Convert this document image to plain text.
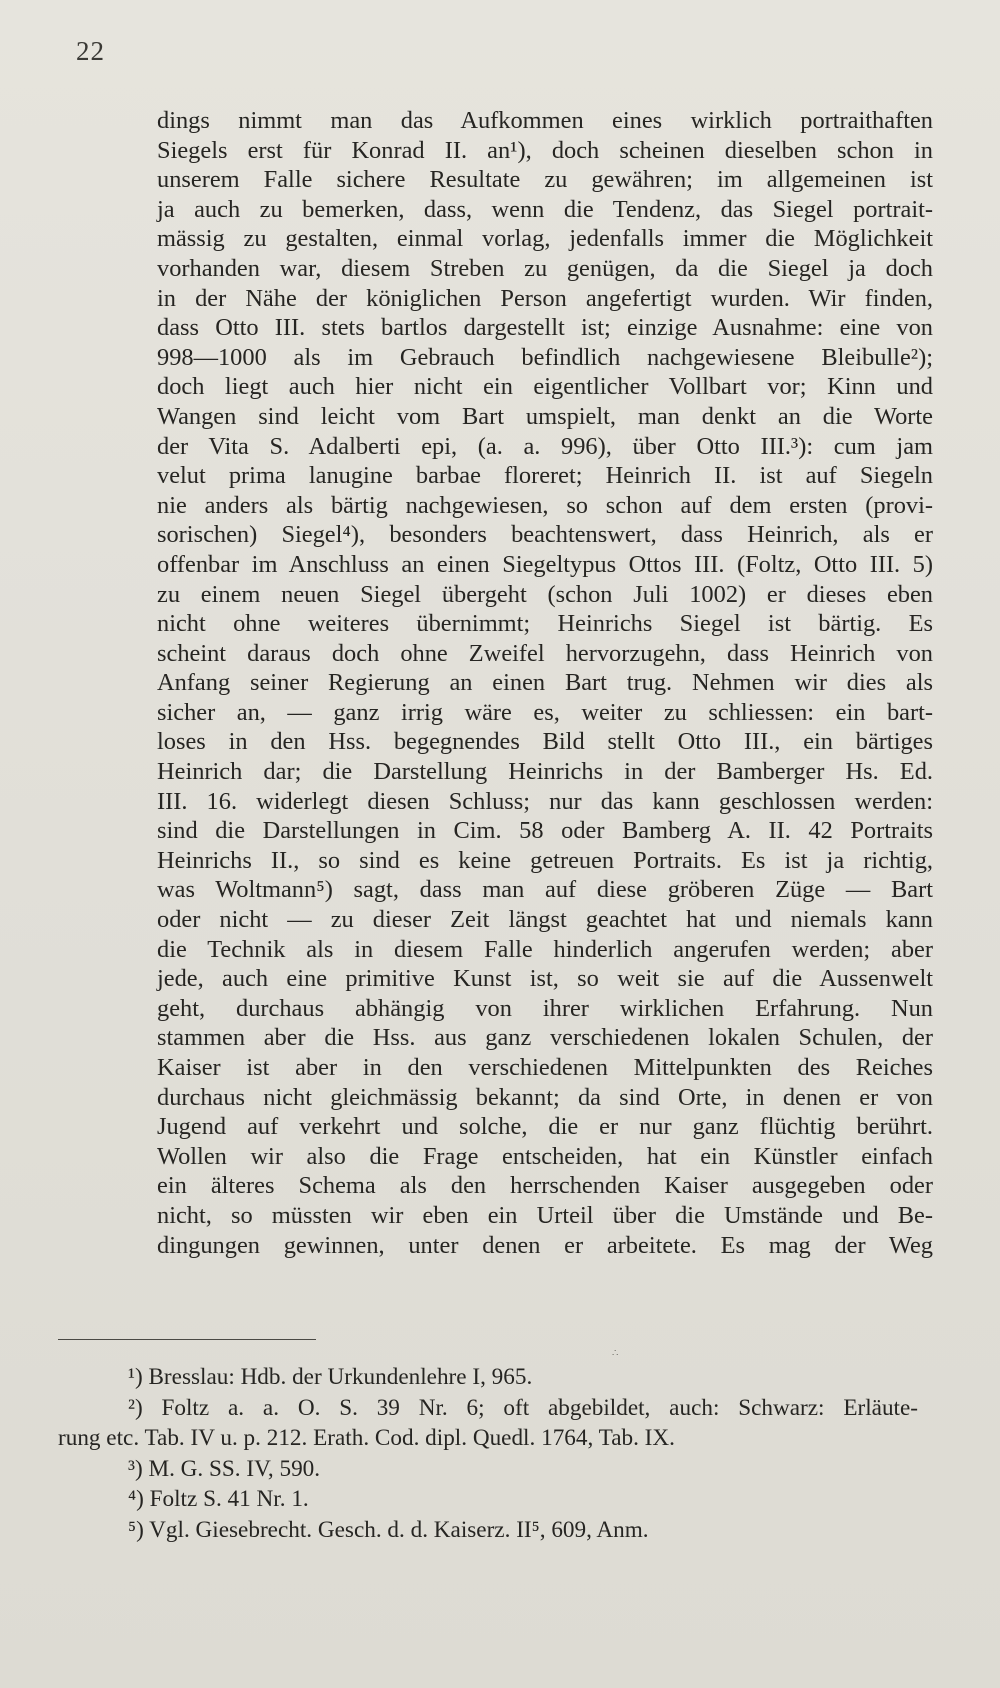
22
dings nimmt man das Aufkommen eines wirklich portraithaften
Siegels erst für Konrad II. an¹), doch scheinen dieselben schon in
unserem Falle sichere Resultate zu gewähren; im allgemeinen ist
ja auch zu bemerken, dass, wenn die Tendenz, das Siegel portrait-
mässig zu gestalten, einmal vorlag, jedenfalls immer die Möglichkeit
vorhanden war, diesem Streben zu genügen, da die Siegel ja doch
in der Nähe der königlichen Person angefertigt wurden. Wir finden,
dass Otto III. stets bartlos dargestellt ist; einzige Ausnahme: eine von
998—1000 als im Gebrauch befindlich nachgewiesene Bleibulle²);
doch liegt auch hier nicht ein eigentlicher Vollbart vor; Kinn und
Wangen sind leicht vom Bart umspielt, man denkt an die Worte
der Vita S. Adalberti epi, (a. a. 996), über Otto III.³): cum jam
velut prima lanugine barbae floreret; Heinrich II. ist auf Siegeln
nie anders als bärtig nachgewiesen, so schon auf dem ersten (provi-
sorischen) Siegel⁴), besonders beachtenswert, dass Heinrich, als er
offenbar im Anschluss an einen Siegeltypus Ottos III. (Foltz, Otto III. 5)
zu einem neuen Siegel übergeht (schon Juli 1002) er dieses eben
nicht ohne weiteres übernimmt; Heinrichs Siegel ist bärtig. Es
scheint daraus doch ohne Zweifel hervorzugehn, dass Heinrich von
Anfang seiner Regierung an einen Bart trug. Nehmen wir dies als
sicher an, — ganz irrig wäre es, weiter zu schliessen: ein bart-
loses in den Hss. begegnendes Bild stellt Otto III., ein bärtiges
Heinrich dar; die Darstellung Heinrichs in der Bamberger Hs. Ed.
III. 16. widerlegt diesen Schluss; nur das kann geschlossen werden:
sind die Darstellungen in Cim. 58 oder Bamberg A. II. 42 Portraits
Heinrichs II., so sind es keine getreuen Portraits. Es ist ja richtig,
was Woltmann⁵) sagt, dass man auf diese gröberen Züge — Bart
oder nicht — zu dieser Zeit längst geachtet hat und niemals kann
die Technik als in diesem Falle hinderlich angerufen werden; aber
jede, auch eine primitive Kunst ist, so weit sie auf die Aussenwelt
geht, durchaus abhängig von ihrer wirklichen Erfahrung. Nun
stammen aber die Hss. aus ganz verschiedenen lokalen Schulen, der
Kaiser ist aber in den verschiedenen Mittelpunkten des Reiches
durchaus nicht gleichmässig bekannt; da sind Orte, in denen er von
Jugend auf verkehrt und solche, die er nur ganz flüchtig berührt.
Wollen wir also die Frage entscheiden, hat ein Künstler einfach
ein älteres Schema als den herrschenden Kaiser ausgegeben oder
nicht, so müssten wir eben ein Urteil über die Umstände und Be-
dingungen gewinnen, unter denen er arbeitete. Es mag der Weg
∴
¹) Bresslau: Hdb. der Urkundenlehre I, 965.
²) Foltz a. a. O. S. 39 Nr. 6; oft abgebildet, auch: Schwarz: Erläute-
rung etc. Tab. IV u. p. 212. Erath. Cod. dipl. Quedl. 1764, Tab. IX.
³) M. G. SS. IV, 590.
⁴) Foltz S. 41 Nr. 1.
⁵) Vgl. Giesebrecht. Gesch. d. d. Kaiserz. II⁵, 609, Anm.
